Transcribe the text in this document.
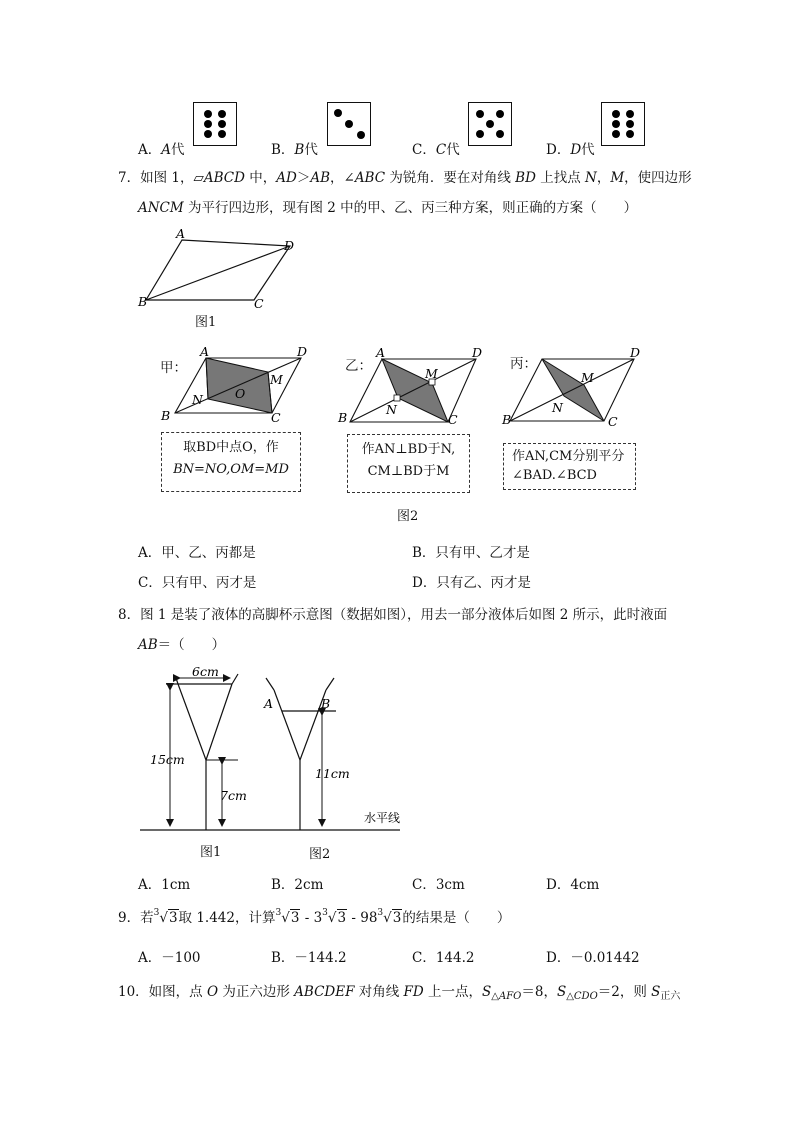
A．A代	B．B代	C．C代	D．D代
7．如图 1，▱ABCD 中，AD＞AB，∠ABC 为锐角．要在对角线 BD 上找点 N，M，使四边形
ANCM 为平行四边形，现有图 2 中的甲、乙、丙三种方案，则正确的方案（　　）
A
D
B	C
图1
甲：
A	D
B	C
M
N	O
取BD中点O，作
BN=NO,OM=MD
乙：
A	D
B	C
M
N
作AN⊥BD于N,
CM⊥BD于M
丙：
D
B	C
M
N
作AN,CM分别平分
∠BAD.∠BCD
图2
A．甲、乙、丙都是	B．只有甲、乙才是
C．只有甲、丙才是	D．只有乙、丙才是
8．图 1 是装了液体的高脚杯示意图（数据如图），用去一部分液体后如图 2 所示，此时液面
AB＝（　　）
6cm
15cm
7cm
A	B
11cm
水平线
图1	图2
A．1cm	B．2cm	C．3cm	D．4cm
9．若$^3$√3取 1.442，计算$^3√3 - 3^3√3 - 98^3√3$的结果是（　　）
A．－100	B．－144.2	C．144.2	D．－0.01442
10．如图，点 O 为正六边形 ABCDEF 对角线 FD 上一点，$S_{\triangle AFO}=8$，$S_{\triangle CDO}=2$，则 $S_{正六}$
